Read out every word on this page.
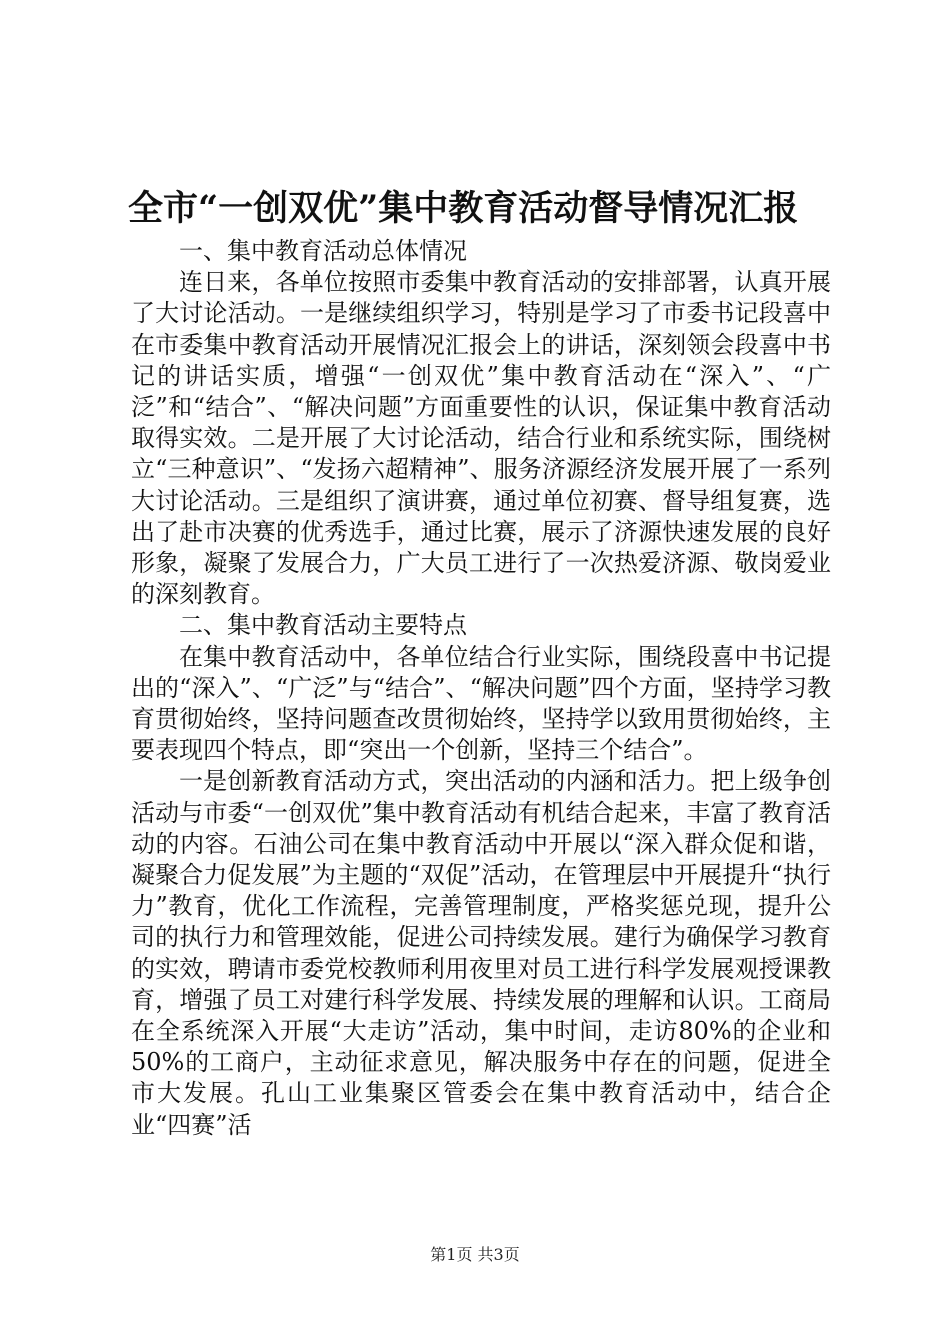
全市“一创双优”集中教育活动督导情况汇报

一、集中教育活动总体情况

连日来，各单位按照市委集中教育活动的安排部署，认真开展了大讨论活动。一是继续组织学习，特别是学习了市委书记段喜中在市委集中教育活动开展情况汇报会上的讲话，深刻领会段喜中书记的讲话实质，增强“一创双优”集中教育活动在“深入”、“广泛”和“结合”、“解决问题”方面重要性的认识，保证集中教育活动取得实效。二是开展了大讨论活动，结合行业和系统实际，围绕树立“三种意识”、“发扬六超精神”、服务济源经济发展开展了一系列大讨论活动。三是组织了演讲赛，通过单位初赛、督导组复赛，选出了赴市决赛的优秀选手，通过比赛，展示了济源快速发展的良好形象，凝聚了发展合力，广大员工进行了一次热爱济源、敬岗爱业的深刻教育。

二、集中教育活动主要特点

在集中教育活动中，各单位结合行业实际，围绕段喜中书记提出的“深入”、“广泛”与“结合”、“解决问题”四个方面，坚持学习教育贯彻始终，坚持问题查改贯彻始终，坚持学以致用贯彻始终，主要表现四个特点，即“突出一个创新，坚持三个结合”。

一是创新教育活动方式，突出活动的内涵和活力。把上级争创活动与市委“一创双优”集中教育活动有机结合起来，丰富了教育活动的内容。石油公司在集中教育活动中开展以“深入群众促和谐，凝聚合力促发展”为主题的“双促”活动，在管理层中开展提升“执行力”教育，优化工作流程，完善管理制度，严格奖惩兑现，提升公司的执行力和管理效能，促进公司持续发展。建行为确保学习教育的实效，聘请市委党校教师利用夜里对员工进行科学发展观授课教育，增强了员工对建行科学发展、持续发展的理解和认识。工商局在全系统深入开展“大走访”活动，集中时间，走访80%的企业和50%的工商户，主动征求意见，解决服务中存在的问题，促进全市大发展。孔山工业集聚区管委会在集中教育活动中，结合企业“四赛”活

第1页 共3页
